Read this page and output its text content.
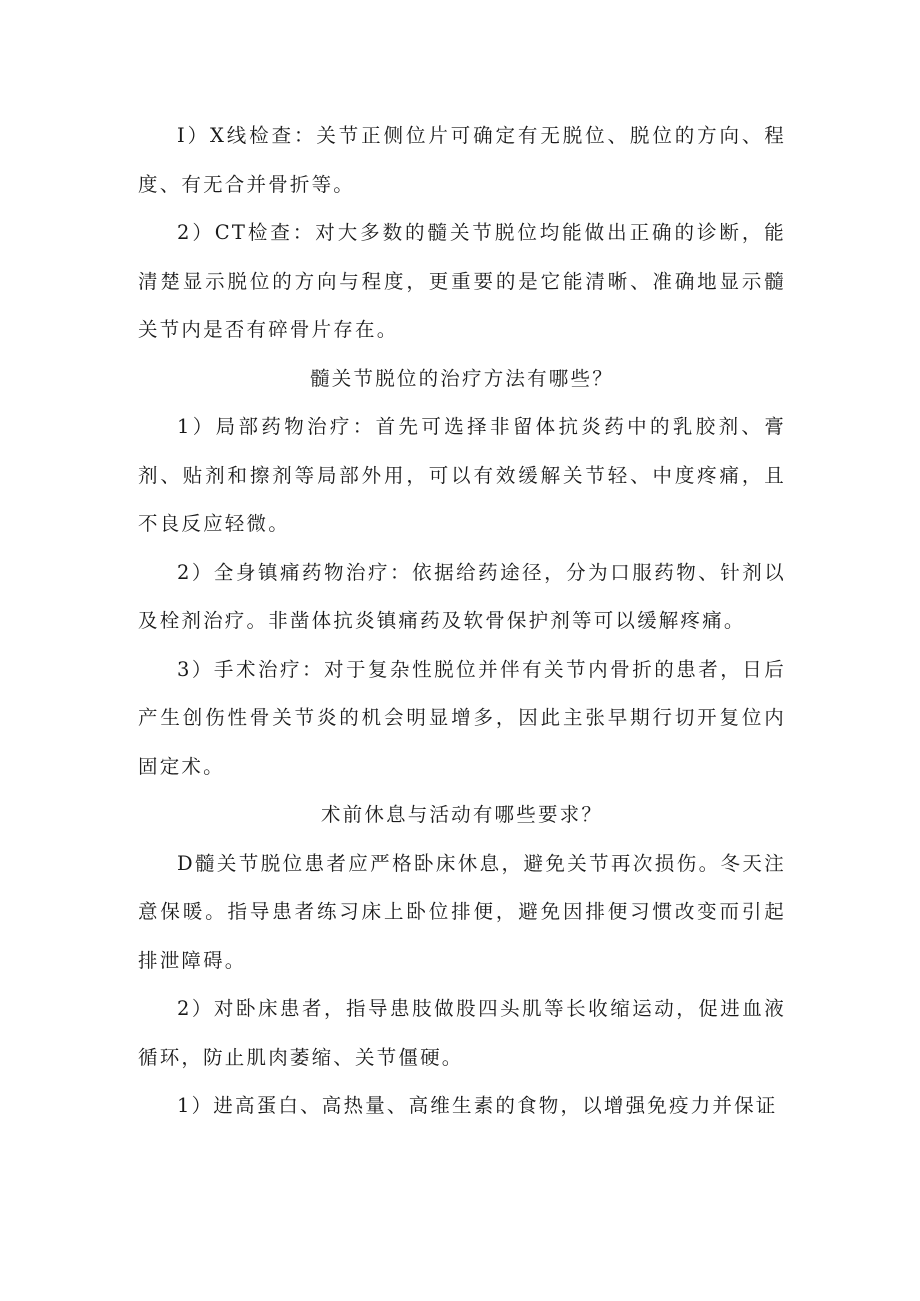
I）X线检查：关节正侧位片可确定有无脱位、脱位的方向、程度、有无合并骨折等。

2）CT检查：对大多数的髓关节脱位均能做出正确的诊断，能清楚显示脱位的方向与程度，更重要的是它能清晰、准确地显示髓关节内是否有碎骨片存在。

髓关节脱位的治疗方法有哪些？

1）局部药物治疗：首先可选择非留体抗炎药中的乳胶剂、膏剂、贴剂和擦剂等局部外用，可以有效缓解关节轻、中度疼痛，且不良反应轻微。

2）全身镇痛药物治疗：依据给药途径，分为口服药物、针剂以及栓剂治疗。非凿体抗炎镇痛药及软骨保护剂等可以缓解疼痛。

3）手术治疗：对于复杂性脱位并伴有关节内骨折的患者，日后产生创伤性骨关节炎的机会明显增多，因此主张早期行切开复位内固定术。

术前休息与活动有哪些要求？

D髓关节脱位患者应严格卧床休息，避免关节再次损伤。冬天注意保暖。指导患者练习床上卧位排便，避免因排便习惯改变而引起排泄障碍。

2）对卧床患者，指导患肢做股四头肌等长收缩运动，促进血液循环，防止肌肉萎缩、关节僵硬。

1）进高蛋白、高热量、高维生素的食物，以增强免疫力并保证
